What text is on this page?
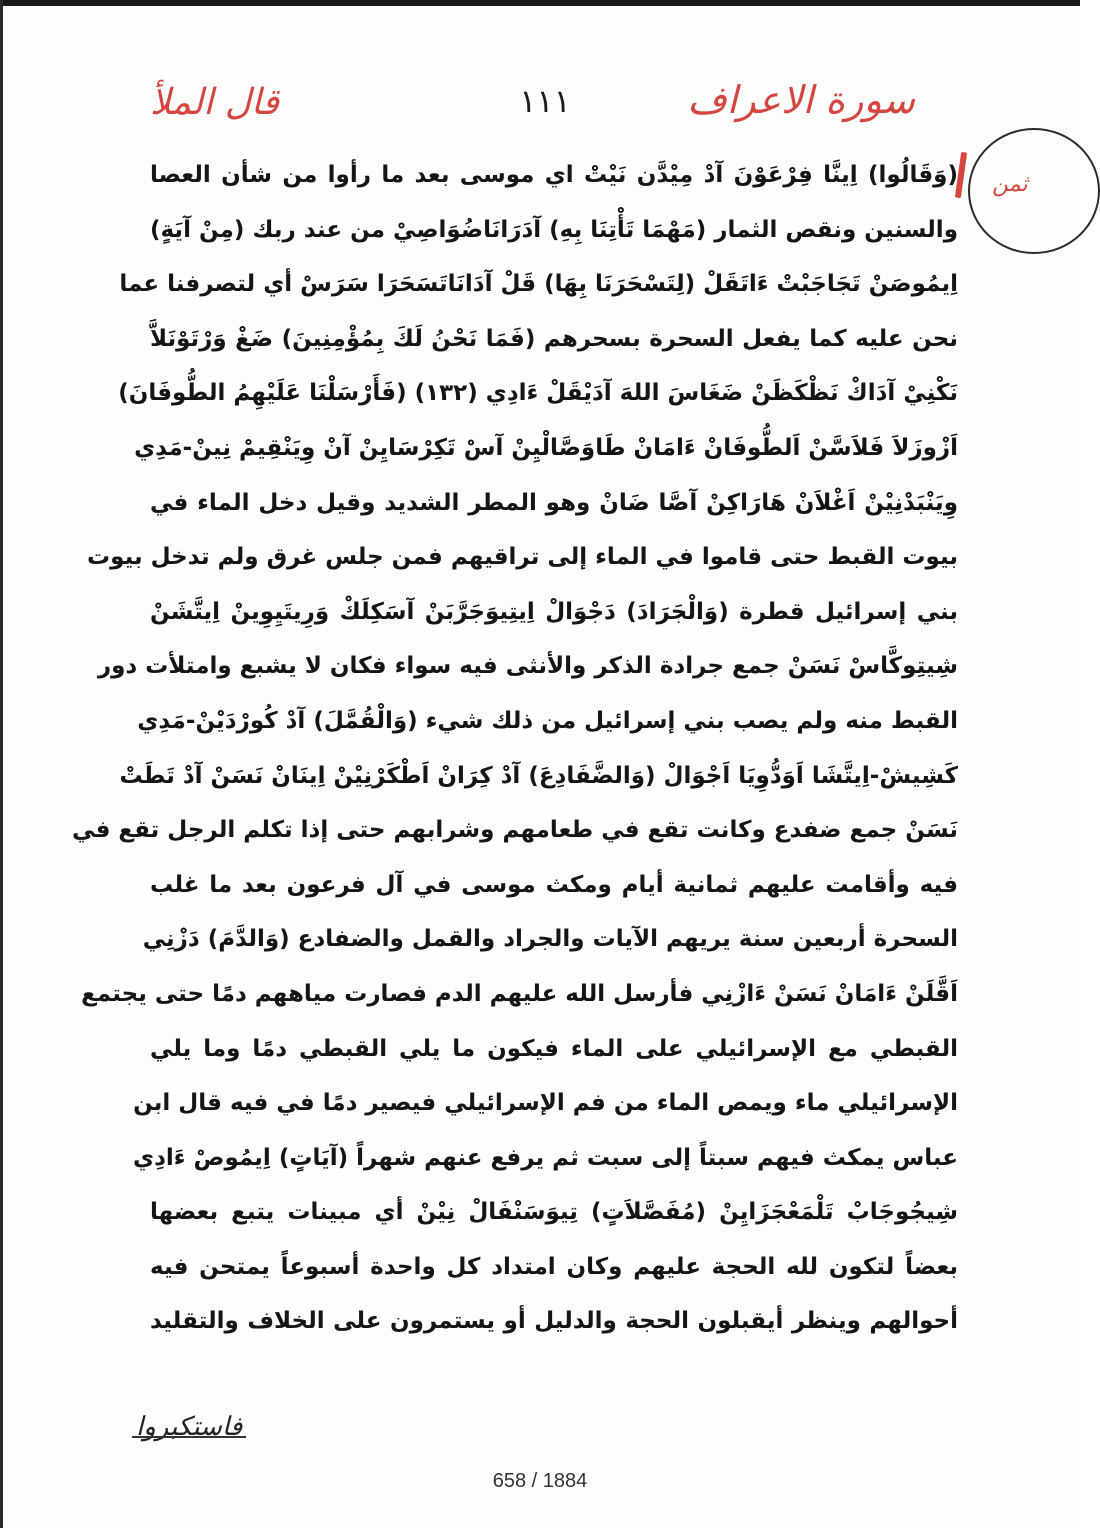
قال الملأ	١١١	سورة الاعراف
ثمن
(وَقَالُوا) اِينَّا فِرْعَوْنَ آدْ مِيْدَّن نَيْتْ اي موسى بعد ما رأوا من شأن العصا
والسنين ونقص الثمار (مَهْمَا تَأْتِنَا بِهِ) آدَرَانَاضُوَاصِيْ من عند ربك (مِنْ آيَةٍ)
اِيمُوصَنْ تَجَاجَبْتْ ءَاتَقَلْ (لِتَسْحَرَنَا بِهَا) قَلْ آدَانَاتَسَحَرَا سَرَسْ أي لتصرفنا عما
نحن عليه كما يفعل السحرة بسحرهم (فَمَا نَحْنُ لَكَ بِمُؤْمِنِينَ) ضَغْ وَرْتَوْنَلاَّ
نَكْنِيْ آدَاكْ نَظْكَظَنْ ضَغَاسَ اللهَ آدَيْقَلْ ءَادِي (١٣٢) (فَأَرْسَلْنَا عَلَيْهِمُ الطُّوفَانَ)
اَزْوزَلاَ فَلاَسَّنْ اَلطُّوفَانْ ءَامَانْ طَاوَصَّالْيِنْ آسْ تَكِرْسَايِنْ آنْ وِيَنْقِيمْ نِينْ-مَدِي
وِيَنْبَدْنِيْنْ اَغْلاَنْ هَارَاكِنْ آصَّا ضَانْ وهو المطر الشديد وقيل دخل الماء في
بيوت القبط حتى قاموا في الماء إلى تراقيهم فمن جلس غرق ولم تدخل بيوت
بني إسرائيل قطرة (وَالْجَرَادَ) دَجْوَالْ اِيتِيوَجَرَّبَنْ آسَكِلَكْ وَرِيتَيِوِينْ اِيتَّشَنْ
شِيتِوكَّاسْ نَسَنْ جمع جرادة الذكر والأنثى فيه سواء فكان لا يشبع وامتلأت دور
القبط منه ولم يصب بني إسرائيل من ذلك شيء (وَالْقُمَّلَ) آدْ كُورْدَيْنْ-مَدِي
كَشِيشْ-اِيتَّشَا اَوَدُّوِيَا اَجْوَالْ (وَالضَّفَادِعَ) آدْ كِرَانْ اَطْكَرْنِيْنْ اِينَانْ نَسَنْ آدْ تَطَتْ
نَسَنْ جمع ضفدع وكانت تقع في طعامهم وشرابهم حتى إذا تكلم الرجل تقع في
فيه وأقامت عليهم ثمانية أيام ومكث موسى في آل فرعون بعد ما غلب
السحرة أربعين سنة يريهم الآيات والجراد والقمل والضفادع (وَالدَّمَ) دَزْنِي
اَقَّلَنْ ءَامَانْ نَسَنْ ءَازْنِي فأرسل الله عليهم الدم فصارت مياههم دمًا حتى يجتمع
القبطي مع الإسرائيلي على الماء فيكون ما يلي القبطي دمًا وما يلي
الإسرائيلي ماء ويمص الماء من فم الإسرائيلي فيصير دمًا في فيه قال ابن
عباس يمكث فيهم سبتاً إلى سبت ثم يرفع عنهم شهراً (آيَاتٍ) اِيمُوصْ ءَادِي
شِيجُوجَابْ تَلْمَعْجَزَايِنْ (مُفَصَّلاَتٍ) تِيوَسَنْفَالْ نِيْنْ أي مبينات يتبع بعضها
بعضاً لتكون لله الحجة عليهم وكان امتداد كل واحدة أسبوعاً يمتحن فيه
أحوالهم وينظر أيقبلون الحجة والدليل أو يستمرون على الخلاف والتقليد
فاستكبروا
658 / 1884
